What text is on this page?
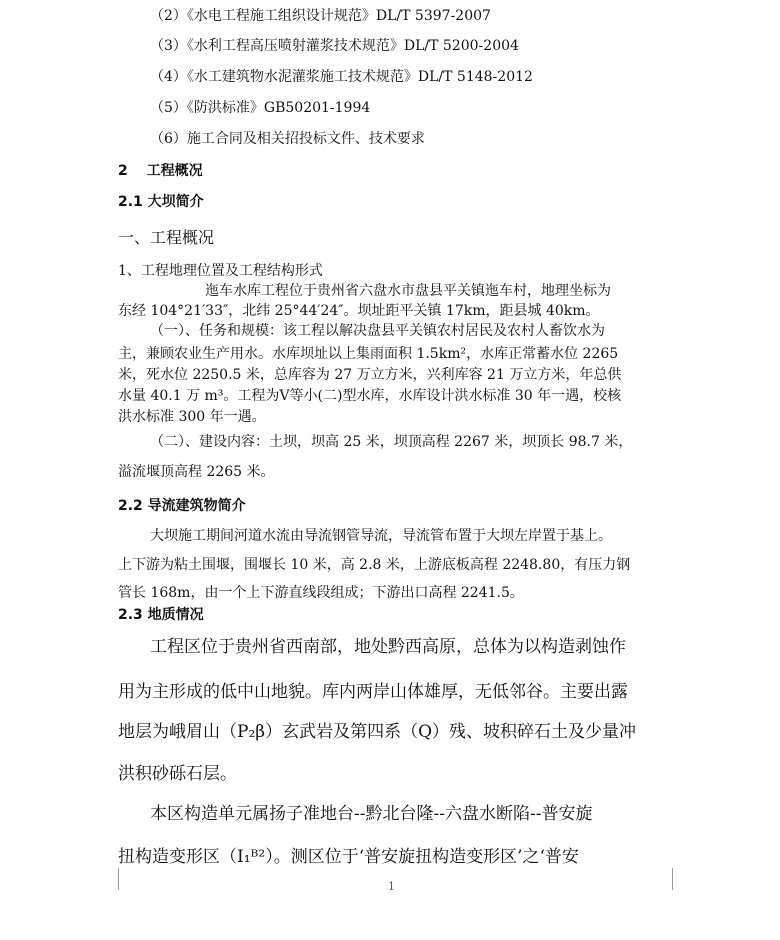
（2）《水电工程施工组织设计规范》DL/T 5397-2007
（3）《水利工程高压喷射灌浆技术规范》DL/T 5200-2004
（4）《水工建筑物水泥灌浆施工技术规范》DL/T 5148-2012
（5）《防洪标准》GB50201-1994
（6）施工合同及相关招投标文件、技术要求
2　 工程概况
2.1 大坝简介
一、工程概况
1、工程地理位置及工程结构形式
迤车水库工程位于贵州省六盘水市盘县平关镇迤车村，地理坐标为
东经 104°21′33″，北纬 25°44′24″。坝址距平关镇 17km，距县城 40km。
（一）、任务和规模：该工程以解决盘县平关镇农村居民及农村人畜饮水为
主，兼顾农业生产用水。水库坝址以上集雨面积 1.5km²，水库正常蓄水位 2265
米，死水位 2250.5 米，总库容为 27 万立方米，兴利库容 21 万立方米，年总供
水量 40.1 万 m³。工程为Ⅴ等小(二)型水库，水库设计洪水标准 30 年一遇，校核
洪水标准 300 年一遇。
（二）、建设内容：土坝，坝高 25 米，坝顶高程 2267 米，坝顶长 98.7 米，
溢流堰顶高程 2265 米。
2.2 导流建筑物简介
大坝施工期间河道水流由导流钢管导流，导流管布置于大坝左岸置于基上。
上下游为粘土围堰，围堰长 10 米，高 2.8 米，上游底板高程 2248.80，有压力钢
管长 168m，由一个上下游直线段组成；下游出口高程 2241.5。
2.3 地质情况
工程区位于贵州省西南部，地处黔西高原，总体为以构造剥蚀作
用为主形成的低中山地貌。库内两岸山体雄厚，无低邻谷。主要出露
地层为峨眉山（P₂β）玄武岩及第四系（Q）残、坡积碎石土及少量冲
洪积砂砾石层。
本区构造单元属扬子准地台--黔北台隆--六盘水断陷--普安旋
扭构造变形区（I₁ᴮ²）。测区位于‘普安旋扭构造变形区’之‘普安
1
